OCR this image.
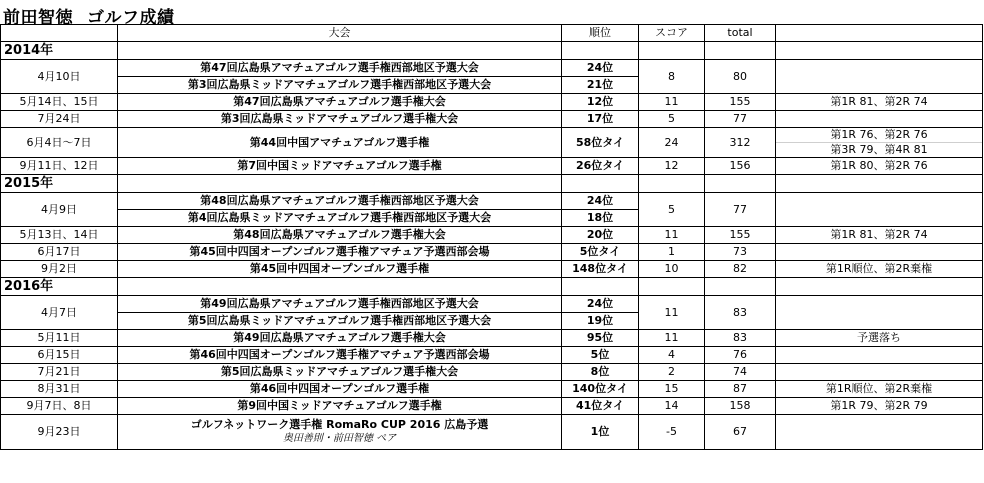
前田智徳 ゴルフ成績
	大会	順位	スコア	total	
2014年					
4月10日	第47回広島県アマチュアゴルフ選手権西部地区予選大会	24位	8	80	
	第3回広島県ミッドアマチュアゴルフ選手権西部地区予選大会	21位			
5月14日、15日	第47回広島県アマチュアゴルフ選手権大会	12位	11	155	第1R 81、第2R 74

7月24日	第3回広島県ミッドアマチュアゴルフ選手権大会	17位	5	77	
6月4日～7日	第44回中国アマチュアゴルフ選手権	58位タイ	24	312	第1R 76、第2R 76
第3R 79、第4R 81

9月11日、12日	第7回中国ミッドアマチュアゴルフ選手権	26位タイ	12	156	第1R 80、第2R 76

2015年					
4月9日	第48回広島県アマチュアゴルフ選手権西部地区予選大会	24位	5	77	
	第4回広島県ミッドアマチュアゴルフ選手権西部地区予選大会	18位			
5月13日、14日	第48回広島県アマチュアゴルフ選手権大会	20位	11	155	第1R 81、第2R 74

6月17日	第45回中四国オープンゴルフ選手権アマチュア予選西部会場	5位タイ	1	73	
9月2日	第45回中四国オープンゴルフ選手権	148位タイ	10	82	第1R順位、第2R棄権

2016年					
4月7日	第49回広島県アマチュアゴルフ選手権西部地区予選大会	24位	11	83	
	第5回広島県ミッドアマチュアゴルフ選手権西部地区予選大会	19位			
5月11日	第49回広島県アマチュアゴルフ選手権大会	95位	11	83	予選落ち

6月15日	第46回中四国オープンゴルフ選手権アマチュア予選西部会場	5位	4	76	
7月21日	第5回広島県ミッドアマチュアゴルフ選手権大会	8位	2	74	
8月31日	第46回中四国オープンゴルフ選手権	140位タイ	15	87	第1R順位、第2R棄権

9月7日、8日	第9回中国ミッドアマチュアゴルフ選手権	41位タイ	14	158	第1R 79、第2R 79

9月23日	ゴルフネットワーク選手権 RomaRo CUP 2016 広島予選
奥田善則・前田智徳 ペア	1位	-5	67	
